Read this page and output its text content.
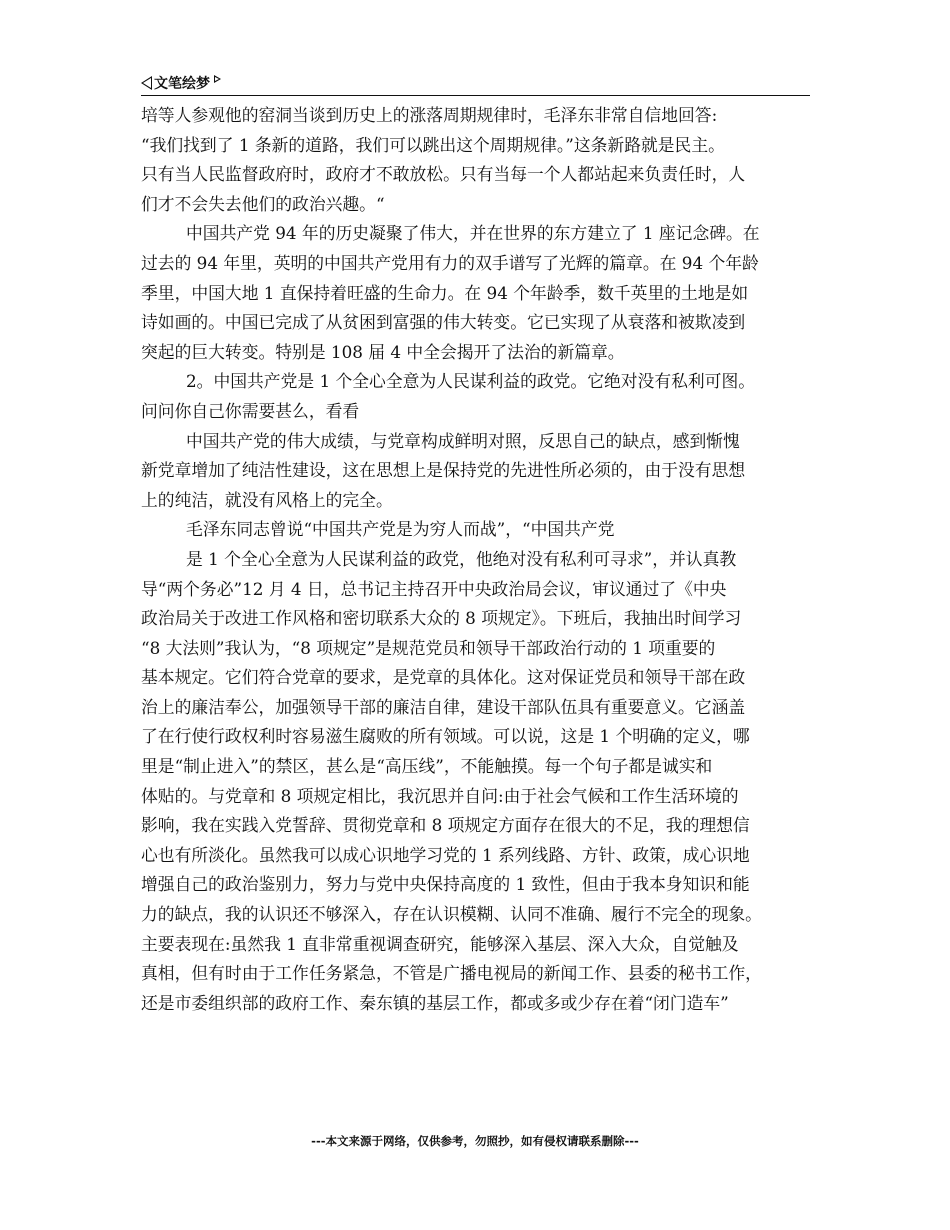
文笔绘梦
培等人参观他的窑洞当谈到历史上的涨落周期规律时，毛泽东非常自信地回答:
“我们找到了 1 条新的道路，我们可以跳出这个周期规律。”这条新路就是民主。
只有当人民监督政府时，政府才不敢放松。只有当每一个人都站起来负责任时，人
们才不会失去他们的政治兴趣。“
中国共产党 94 年的历史凝聚了伟大，并在世界的东方建立了 1 座记念碑。在
过去的 94 年里，英明的中国共产党用有力的双手谱写了光辉的篇章。在 94 个年龄
季里，中国大地 1 直保持着旺盛的生命力。在 94 个年龄季，数千英里的土地是如
诗如画的。中国已完成了从贫困到富强的伟大转变。它已实现了从衰落和被欺凌到
突起的巨大转变。特别是 108 届 4 中全会揭开了法治的新篇章。
2。中国共产党是 1 个全心全意为人民谋利益的政党。它绝对没有私利可图。
问问你自己你需要甚么，看看
中国共产党的伟大成绩，与党章构成鲜明对照，反思自己的缺点，感到惭愧
新党章增加了纯洁性建设，这在思想上是保持党的先进性所必须的，由于没有思想
上的纯洁，就没有风格上的完全。
毛泽东同志曾说“中国共产党是为穷人而战”，“中国共产党
是 1 个全心全意为人民谋利益的政党，他绝对没有私利可寻求”，并认真教
导“两个务必”12 月 4 日，总书记主持召开中央政治局会议，审议通过了《中央
政治局关于改进工作风格和密切联系大众的 8 项规定》。下班后，我抽出时间学习
“8 大法则”我认为，“8 项规定”是规范党员和领导干部政治行动的 1 项重要的
基本规定。它们符合党章的要求，是党章的具体化。这对保证党员和领导干部在政
治上的廉洁奉公，加强领导干部的廉洁自律，建设干部队伍具有重要意义。它涵盖
了在行使行政权利时容易滋生腐败的所有领域。可以说，这是 1 个明确的定义，哪
里是“制止进入”的禁区，甚么是“高压线”，不能触摸。每一个句子都是诚实和
体贴的。与党章和 8 项规定相比，我沉思并自问:由于社会气候和工作生活环境的
影响，我在实践入党誓辞、贯彻党章和 8 项规定方面存在很大的不足，我的理想信
心也有所淡化。虽然我可以成心识地学习党的 1 系列线路、方针、政策，成心识地
增强自己的政治鉴别力，努力与党中央保持高度的 1 致性，但由于我本身知识和能
力的缺点，我的认识还不够深入，存在认识模糊、认同不准确、履行不完全的现象。
主要表现在:虽然我 1 直非常重视调查研究，能够深入基层、深入大众，自觉触及
真相，但有时由于工作任务紧急，不管是广播电视局的新闻工作、县委的秘书工作，
还是市委组织部的政府工作、秦东镇的基层工作，都或多或少存在着“闭门造车”
---本文来源于网络，仅供参考，勿照抄，如有侵权请联系删除---
